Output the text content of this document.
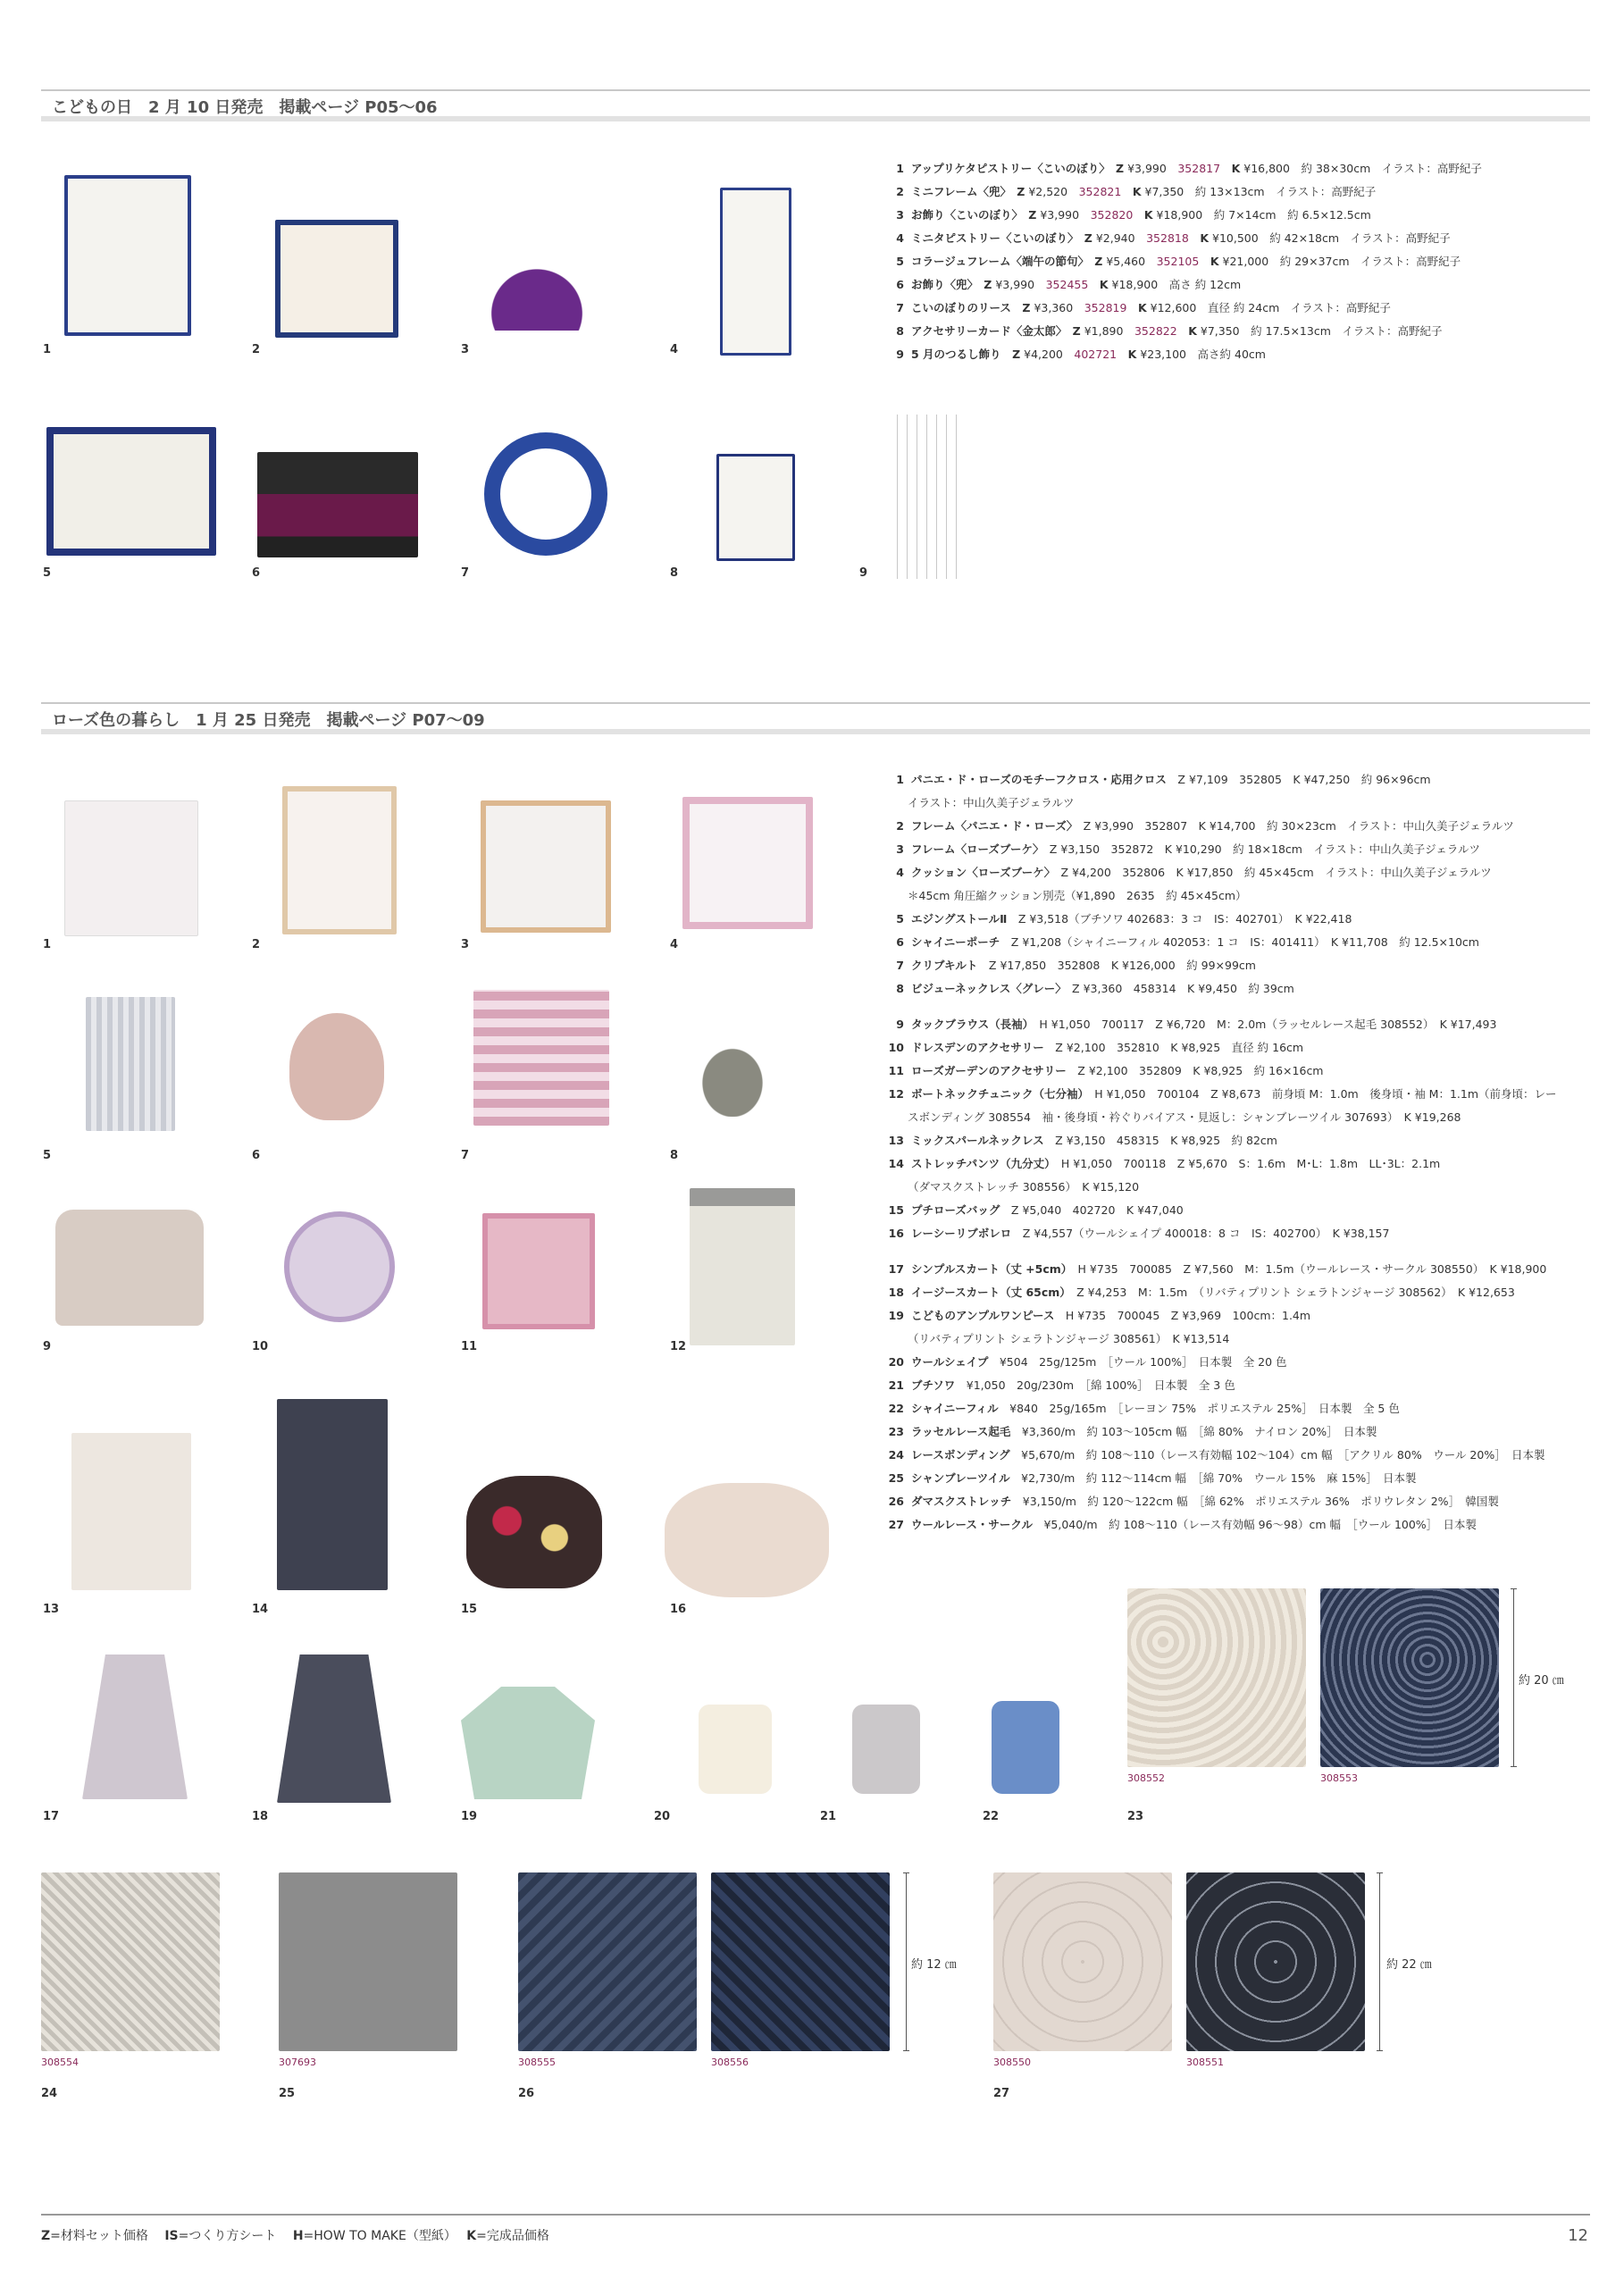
こどもの日　2 月 10 日発売　掲載ページ P05〜06
1	2	3	4
5	6	7	8	9
1 アップリケタピストリー〈こいのぼり〉　 Z ¥3,990　 352817　 K ¥16,800　 約 38×30cm　イラスト：高野紀子
2 ミニフレーム〈兜〉　 Z ¥2,520　 352821　 K ¥7,350　 約 13×13cm　イラスト：高野紀子
3 お飾り〈こいのぼり〉　 Z ¥3,990　 352820　 K ¥18,900　 約 7×14cm　約 6.5×12.5cm
4 ミニタピストリー〈こいのぼり〉　 Z ¥2,940　 352818　 K ¥10,500　 約 42×18cm　イラスト：高野紀子
5 コラージュフレーム〈端午の節句〉　 Z ¥5,460　 352105　 K ¥21,000　 約 29×37cm　イラスト：高野紀子
6 お飾り〈兜〉　 Z ¥3,990　 352455　 K ¥18,900　 高さ 約 12cm
7 こいのぼりのリース　 Z ¥3,360　 352819　 K ¥12,600　 直径 約 24cm　イラスト：高野紀子
8 アクセサリーカード〈金太郎〉　 Z ¥1,890　 352822　 K ¥7,350　 約 17.5×13cm　イラスト：高野紀子
9 5 月のつるし飾り　 Z ¥4,200　 402721　 K ¥23,100　 高さ約 40cm
ローズ色の暮らし　1 月 25 日発売　掲載ページ P07〜09
1	2	3	4
5	6	7	8
9	10	11	12
13	14	15	16
17	18	19	20	21	22
308552	308553
約 20 ㎝
23
308554
24
307693
25
308555	308556
約 12 ㎝
26
308550	308551
約 22 ㎝
27
1 パニエ・ド・ローズのモチーフクロス・応用クロス　 Z ¥7,109　352805　K ¥47,250　約 96×96cm
イラスト：中山久美子ジェラルツ
2 フレーム〈パニエ・ド・ローズ〉　 Z ¥3,990　352807　K ¥14,700　約 30×23cm　イラスト：中山久美子ジェラルツ
3 フレーム〈ローズブーケ〉　 Z ¥3,150　352872　K ¥10,290　約 18×18cm　イラスト：中山久美子ジェラルツ
4 クッション〈ローズブーケ〉　 Z ¥4,200　352806　K ¥17,850　約 45×45cm　イラスト：中山久美子ジェラルツ
＊45cm 角圧縮クッション別売（¥1,890　2635　約 45×45cm）
5 エジングストールⅡ　 Z ¥3,518（ブチソワ 402683：3 コ　IS：402701）　K ¥22,418
6 シャイニーポーチ　 Z ¥1,208（シャイニーフィル 402053：1 コ　IS：401411）　K ¥11,708　約 12.5×10cm
7 クリブキルト　 Z ¥17,850　352808　K ¥126,000　約 99×99cm
8 ビジューネックレス〈グレー〉　 Z ¥3,360　458314　K ¥9,450　約 39cm
9 タックブラウス（長袖）　 H ¥1,050　700117　Z ¥6,720　M：2.0m（ラッセルレース起毛 308552）　K ¥17,493
10 ドレスデンのアクセサリー　 Z ¥2,100　352810　K ¥8,925　直径 約 16cm
11 ローズガーデンのアクセサリー　 Z ¥2,100　352809　K ¥8,925　約 16×16cm
12 ボートネックチュニック（七分袖）　 H ¥1,050　700104　Z ¥8,673　前身頃 M：1.0m　後身頃・袖 M：1.1m（前身頃：レー
スボンディング 308554　袖・後身頃・衿ぐりバイアス・見返し：シャンブレーツイル 307693）　K ¥19,268
13 ミックスパールネックレス　 Z ¥3,150　458315　K ¥8,925　約 82cm
14 ストレッチパンツ（九分丈）　 H ¥1,050　700118　Z ¥5,670　S：1.6m　M･L：1.8m　LL･3L：2.1m
（ダマスクストレッチ 308556）　K ¥15,120
15 プチローズバッグ　 Z ¥5,040　402720　K ¥47,040
16 レーシーリブボレロ　 Z ¥4,557（ウールシェイプ 400018：8 コ　IS：402700）　K ¥38,157
17 シンプルスカート（丈 +5cm）　 H ¥735　700085　Z ¥7,560　M：1.5m（ウールレース・サークル 308550）　K ¥18,900
18 イージースカート（丈 65cm）　 Z ¥4,253　M：1.5m　（リバティプリント シェラトンジャージ 308562）　K ¥12,653
19 こどものアンプルワンピース　 H ¥735　700045　Z ¥3,969　100cm：1.4m
（リバティプリント シェラトンジャージ 308561）　K ¥13,514
20 ウールシェイプ　 ¥504　25g/125m　［ウール 100%］　日本製　全 20 色
21 ブチソワ　 ¥1,050　20g/230m　［綿 100%］　日本製　全 3 色
22 シャイニーフィル　 ¥840　25g/165m　［レーヨン 75%　ポリエステル 25%］　日本製　全 5 色
23 ラッセルレース起毛　 ¥3,360/m　約 103〜105cm 幅　［綿 80%　ナイロン 20%］　日本製
24 レースボンディング　 ¥5,670/m　約 108〜110（レース有効幅 102〜104）cm 幅　［アクリル 80%　ウール 20%］　日本製
25 シャンブレーツイル　 ¥2,730/m　約 112〜114cm 幅　［綿 70%　ウール 15%　麻 15%］　日本製
26 ダマスクストレッチ　 ¥3,150/m　約 120〜122cm 幅　［綿 62%　ポリエステル 36%　ポリウレタン 2%］　韓国製
27 ウールレース・サークル　 ¥5,040/m　約 108〜110（レース有効幅 96〜98）cm 幅　［ウール 100%］　日本製
Z=材料セット価格　 IS=つくり方シート　 H=HOW TO MAKE（型紙）　 K=完成品価格	12
